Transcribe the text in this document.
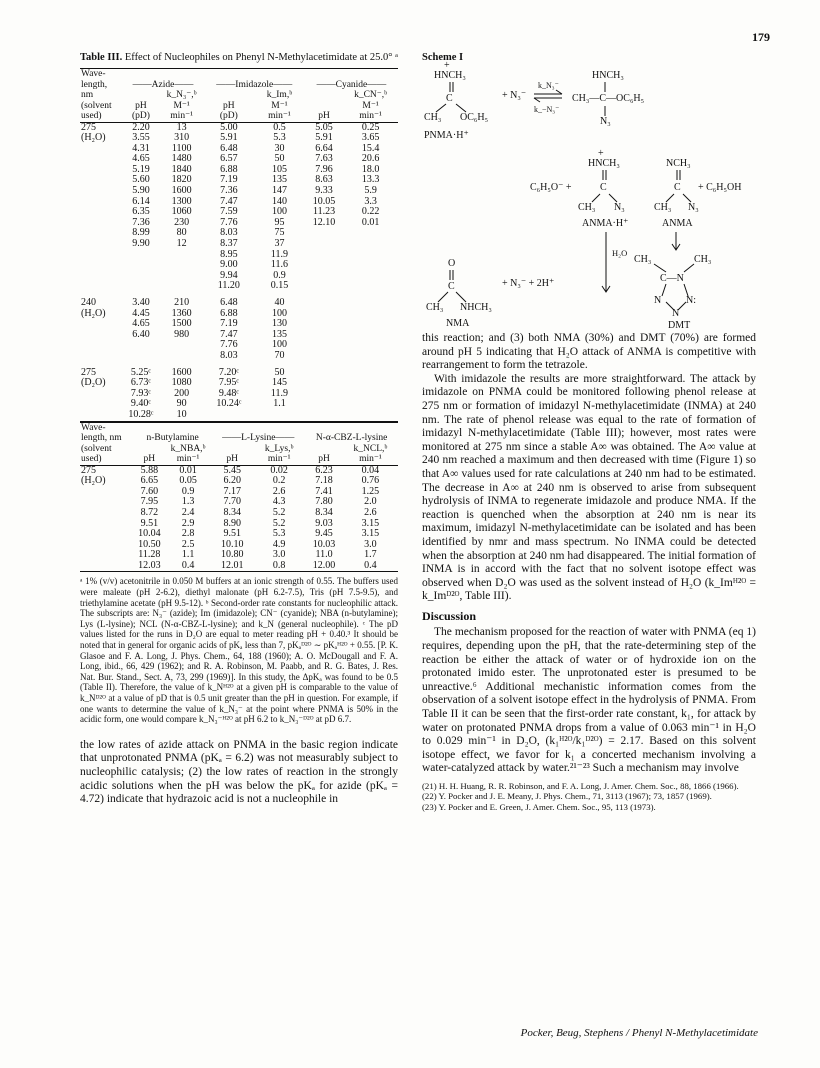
179
Table III. Effect of Nucleophiles on Phenyl N-Methylacetimidate at 25.0° ᵃ
Wave-						
length,	——Azide——		——Imidazole——		——Cyanide——	
nm		k_N₃⁻,ᵇ		k_Im,ᵇ		k_CN⁻,ᵇ
(solvent	pH	M⁻¹	pH	M⁻¹		M⁻¹
used)	(pD)	min⁻¹	(pD)	min⁻¹	pH	min⁻¹
275	2.20	13	5.00	0.5	5.05	0.25
(H₂O)	3.55	310	5.91	5.3	5.91	3.65
	4.31	1100	6.48	30	6.64	15.4
	4.65	1480	6.57	50	7.63	20.6
	5.19	1840	6.88	105	7.96	18.0
	5.60	1820	7.19	135	8.63	13.3
	5.90	1600	7.36	147	9.33	5.9
	6.14	1300	7.47	140	10.05	3.3
	6.35	1060	7.59	100	11.23	0.22
	7.36	230	7.76	95	12.10	0.01
	8.99	80	8.03	75		
	9.90	12	8.37	37		
			8.95	11.9		
			9.00	11.6		
			9.94	0.9		
			11.20	0.15		
240	3.40	210	6.48	40		
(H₂O)	4.45	1360	6.88	100		
	4.65	1500	7.19	130		
	6.40	980	7.47	135		
			7.76	100		
			8.03	70		
275	5.25ᶜ	1600	7.20ᶜ	50		
(D₂O)	6.73ᶜ	1080	7.95ᶜ	145		
	7.93ᶜ	200	9.48ᶜ	11.9		
	9.40ᶜ	90	10.24ᶜ	1.1		
	10.28ᶜ	10				
Wave-						
length, nm	n-Butylamine		——L-Lysine——		N-α-CBZ-L-lysine	
(solvent		k_NBA,ᵇ		k_Lys,ᵇ		k_NCL,ᵇ
used)	pH	min⁻¹	pH	min⁻¹	pH	min⁻¹
275	5.88	0.01	5.45	0.02	6.23	0.04
(H₂O)	6.65	0.05	6.20	0.2	7.18	0.76
	7.60	0.9	7.17	2.6	7.41	1.25
	7.95	1.3	7.70	4.3	7.80	2.0
	8.72	2.4	8.34	5.2	8.34	2.6
	9.51	2.9	8.90	5.2	9.03	3.15
	10.04	2.8	9.51	5.3	9.45	3.15
	10.50	2.5	10.10	4.9	10.03	3.0
	11.28	1.1	10.80	3.0	11.0	1.7
	12.03	0.4	12.01	0.8	12.00	0.4
ᵃ 1% (v/v) acetonitrile in 0.050 M buffers at an ionic strength of 0.55. The buffers used were maleate (pH 2-6.2), diethyl malonate (pH 6.2-7.5), Tris (pH 7.5-9.5), and triethylamine acetate (pH 9.5-12). ᵇ Second-order rate constants for nucleophilic attack. The subscripts are: N₃⁻ (azide); Im (imidazole); CN⁻ (cyanide); NBA (n-butylamine); Lys (L-lysine); NCL (N-α-CBZ-L-lysine); and k_N (general nucleophile). ᶜ The pD values listed for the runs in D₂O are equal to meter reading pH + 0.40.³ It should be noted that in general for organic acids of pKₐ less than 7, pKₐᴰ²ᴼ ∼ pKₐᴴ²ᴼ + 0.55. [P. K. Glasoe and F. A. Long, J. Phys. Chem., 64, 188 (1960); A. O. McDougall and F. A. Long, ibid., 66, 429 (1962); and R. A. Robinson, M. Paabb, and R. G. Bates, J. Res. Nat. Bur. Stand., Sect. A, 73, 299 (1969)]. In this study, the ΔpKₐ was found to be 0.5 (Table II). Therefore, the value of k_Nᴴ²ᴼ at a given pH is comparable to the value of k_Nᴰ²ᴼ at a value of pD that is 0.5 unit greater than the pH in question. For example, if one wants to determine the value of k_N₃⁻ at the point where PNMA is 50% in the acidic form, one would compare k_N₃⁻ᴴ²ᴼ at pH 6.2 to k_N₃⁻ᴰ²ᴼ at pD 6.7.

the low rates of azide attack on PNMA in the basic region indicate that unprotonated PNMA (pKₐ = 6.2) was not measurably subject to nucleophilic catalysis; (2) the low rates of reaction in the strongly acidic solutions when the pH was below the pKₐ for azide (pKₐ = 4.72) indicate that hydrazoic acid is not a nucleophile in

Scheme I
+
HNCH₃
C
CH₃ OC₆H₅
+ N₃⁻
k_N₃⁻
k_−N₃⁻
HNCH₃
CH₃—C—OC₆H₅
N₃
PNMA·H⁺
+
HNCH₃	NCH₃
C₆H₅O⁻ +	C	C + C₆H₅OH
CH₃ N₃	CH₃ N₃
ANMA·H⁺	ANMA
H₂O
O
C	+ N₃⁻ + 2H⁺
CH₃ NHCH₃
NMA
CH₃	CH₃
C—N
N N:
N
DMT

this reaction; and (3) both NMA (30%) and DMT (70%) are formed around pH 5 indicating that H₂O attack of ANMA is competitive with rearrangement to form the tetrazole.

With imidazole the results are more straightforward. The attack by imidazole on PNMA could be monitored following phenol release at 275 nm or formation of imidazyl N-methylacetimidate (INMA) at 240 nm. The rate of phenol release was equal to the rate of formation of imidazyl N-methylacetimidate (Table III); however, most rates were monitored at 275 nm since a stable A∞ was obtained. The A∞ value at 240 nm reached a maximum and then decreased with time (Figure 1) so that A∞ values used for rate calculations at 240 nm had to be estimated. The decrease in A∞ at 240 nm is observed to arise from subsequent hydrolysis of INMA to regenerate imidazole and produce NMA. If the reaction is quenched when the absorption at 240 nm is near its maximum, imidazyl N-methylacetimidate can be isolated and has been identified by nmr and mass spectrum. No INMA could be detected when the absorption at 240 nm had disappeared. The initial formation of INMA is in accord with the fact that no solvent isotope effect was observed when D₂O was used as the solvent instead of H₂O (k_Imᴴ²ᴼ = k_Imᴰ²ᴼ, Table III).

Discussion

The mechanism proposed for the reaction of water with PNMA (eq 1) requires, depending upon the pH, that the rate-determining step of the reaction be either the attack of water or of hydroxide ion on the protonated imido ester. The unprotonated ester is presumed to be unreactive.⁶ Additional mechanistic information comes from the observation of a solvent isotope effect in the hydrolysis of PNMA. From Table II it can be seen that the first-order rate constant, k₁, for attack by water on protonated PNMA drops from a value of 0.063 min⁻¹ in H₂O to 0.029 min⁻¹ in D₂O, (k₁ᴴ²ᴼ/k₁ᴰ²ᴼ) = 2.17. Based on this solvent isotope effect, we favor for k₁ a concerted mechanism involving a water-catalyzed attack by water.²¹⁻²³ Such a mechanism may involve

(21) H. H. Huang, R. R. Robinson, and F. A. Long, J. Amer. Chem. Soc., 88, 1866 (1966).
(22) Y. Pocker and J. E. Meany, J. Phys. Chem., 71, 3113 (1967); 73, 1857 (1969).
(23) Y. Pocker and E. Green, J. Amer. Chem. Soc., 95, 113 (1973).
Pocker, Beug, Stephens / Phenyl N-Methylacetimidate
